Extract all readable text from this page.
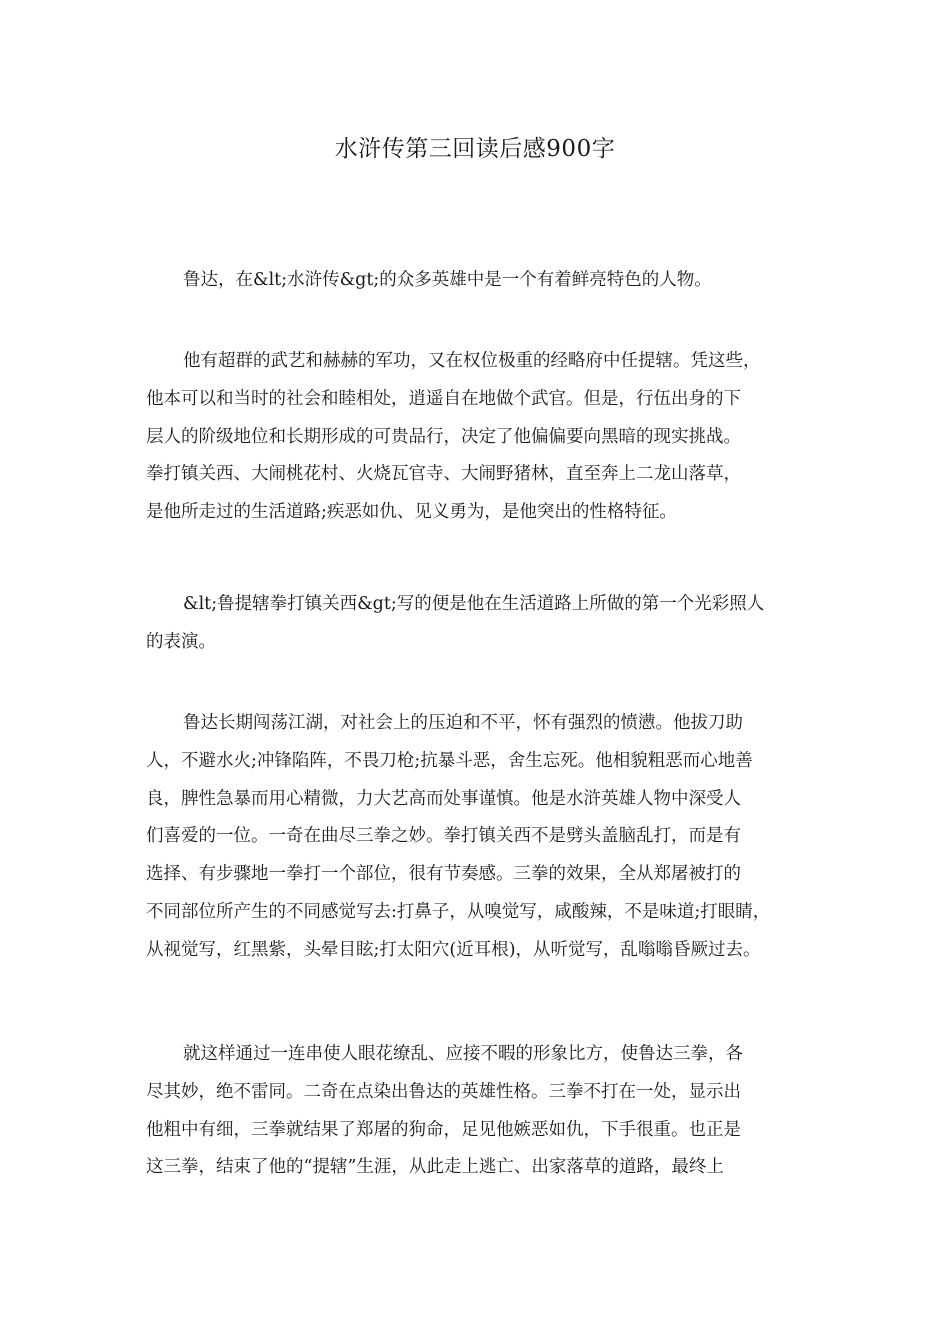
水浒传第三回读后感900字
鲁达，在&lt;水浒传&gt;的众多英雄中是一个有着鲜亮特色的人物。
他有超群的武艺和赫赫的军功，又在权位极重的经略府中任提辖。凭这些，
他本可以和当时的社会和睦相处，逍遥自在地做个武官。但是，行伍出身的下
层人的阶级地位和长期形成的可贵品行，决定了他偏偏要向黑暗的现实挑战。
拳打镇关西、大闹桃花村、火烧瓦官寺、大闹野猪林，直至奔上二龙山落草，
是他所走过的生活道路;疾恶如仇、见义勇为，是他突出的性格特征。
&lt;鲁提辖拳打镇关西&gt;写的便是他在生活道路上所做的第一个光彩照人
的表演。
鲁达长期闯荡江湖，对社会上的压迫和不平，怀有强烈的愤懑。他拔刀助
人，不避水火;冲锋陷阵，不畏刀枪;抗暴斗恶，舍生忘死。他相貌粗恶而心地善
良，脾性急暴而用心精微，力大艺高而处事谨慎。他是水浒英雄人物中深受人
们喜爱的一位。一奇在曲尽三拳之妙。拳打镇关西不是劈头盖脑乱打，而是有
选择、有步骤地一拳打一个部位，很有节奏感。三拳的效果，全从郑屠被打的
不同部位所产生的不同感觉写去:打鼻子，从嗅觉写，咸酸辣，不是味道;打眼睛，
从视觉写，红黑紫，头晕目眩;打太阳穴(近耳根)，从听觉写，乱嗡嗡昏厥过去。
就这样通过一连串使人眼花缭乱、应接不暇的形象比方，使鲁达三拳，各
尽其妙，绝不雷同。二奇在点染出鲁达的英雄性格。三拳不打在一处，显示出
他粗中有细，三拳就结果了郑屠的狗命，足见他嫉恶如仇，下手很重。也正是
这三拳，结束了他的“提辖”生涯，从此走上逃亡、出家落草的道路，最终上
